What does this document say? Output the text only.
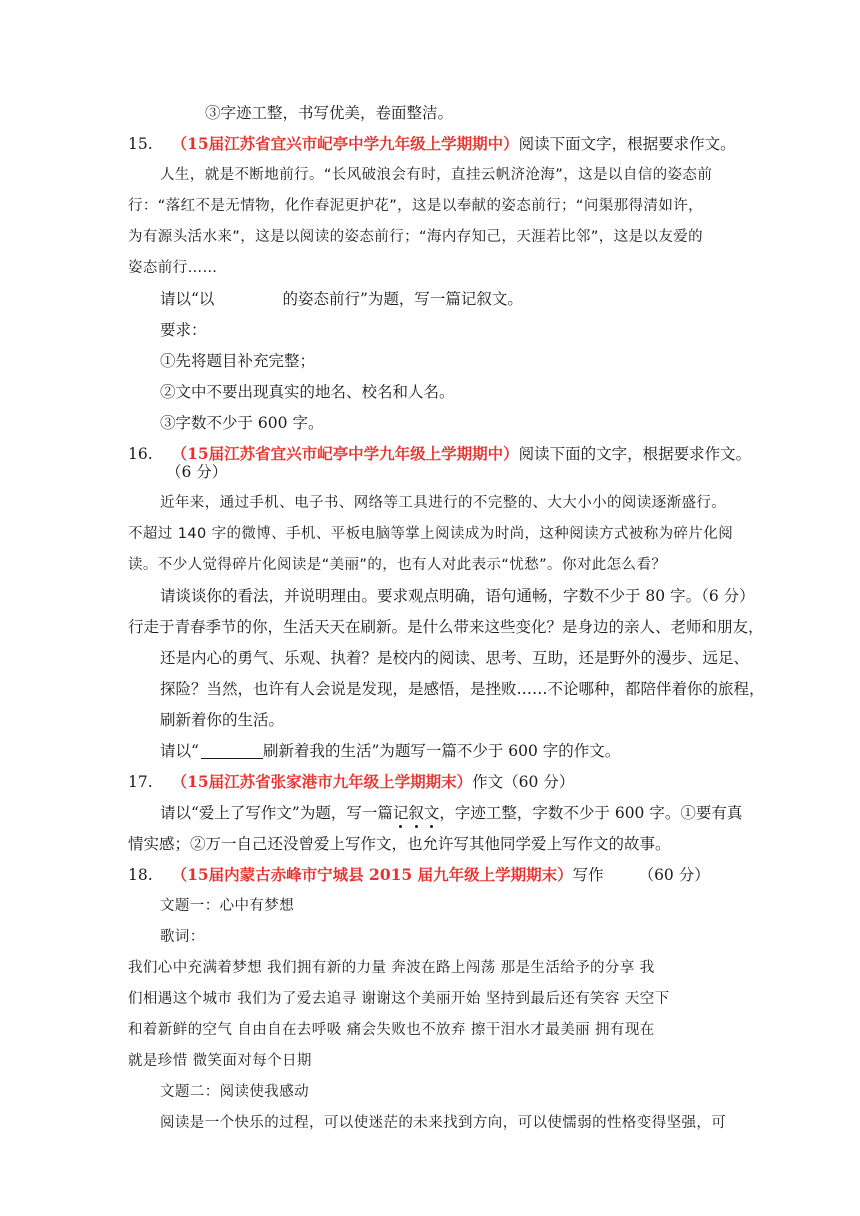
③字迹工整，书写优美，卷面整洁。
15. （15届江苏省宜兴市屺亭中学九年级上学期期中）阅读下面文字，根据要求作文。
人生，就是不断地前行。“长风破浪会有时，直挂云帆济沧海”，这是以自信的姿态前
行：“落红不是无情物，化作春泥更护花”，这是以奉献的姿态前行；“问渠那得清如许，
为有源头活水来”，这是以阅读的姿态前行；“海内存知己，天涯若比邻”，这是以友爱的
姿态前行……
请以“以	的姿态前行”为题，写一篇记叙文。
要求：
①先将题目补充完整；
②文中不要出现真实的地名、校名和人名。
③字数不少于 600 字。
16. （15届江苏省宜兴市屺亭中学九年级上学期期中）阅读下面的文字，根据要求作文。
（6 分）
近年来，通过手机、电子书、网络等工具进行的不完整的、大大小小的阅读逐渐盛行。
不超过 140 字的微博、手机、平板电脑等掌上阅读成为时尚，这种阅读方式被称为碎片化阅
读。不少人觉得碎片化阅读是“美丽”的，也有人对此表示“忧愁”。你对此怎么看？
请谈谈你的看法，并说明理由。要求观点明确，语句通畅，字数不少于 80 字。（6 分）
行走于青春季节的你，生活天天在刷新。是什么带来这些变化？是身边的亲人、老师和朋友，
还是内心的勇气、乐观、执着？是校内的阅读、思考、互助，还是野外的漫步、远足、
探险？当然，也许有人会说是发现，是感悟，是挫败……不论哪种，都陪伴着你的旅程，
刷新着你的生活。
请以“	刷新着我的生活”为题写一篇不少于 600 字的作文。
17. （15届江苏省张家港市九年级上学期期末）作文（60 分）
请以“爱上了写作文”为题，写一篇记叙文，字迹工整，字数不少于 600 字。①要有真
情实感；②万一自己还没曾爱上写作文，也允许写其他同学爱上写作文的故事。
18. （15届内蒙古赤峰市宁城县 2015 届九年级上学期期末）写作 （60 分）
文题一：心中有梦想
歌词：
我们心中充满着梦想 我们拥有新的力量 奔波在路上闯荡 那是生活给予的分享 我
们相遇这个城市 我们为了爱去追寻 谢谢这个美丽开始 坚持到最后还有笑容 天空下
和着新鲜的空气 自由自在去呼吸 痛会失败也不放弃 擦干泪水才最美丽 拥有现在
就是珍惜 微笑面对每个日期
文题二：阅读使我感动
阅读是一个快乐的过程，可以使迷茫的未来找到方向，可以使懦弱的性格变得坚强，可
